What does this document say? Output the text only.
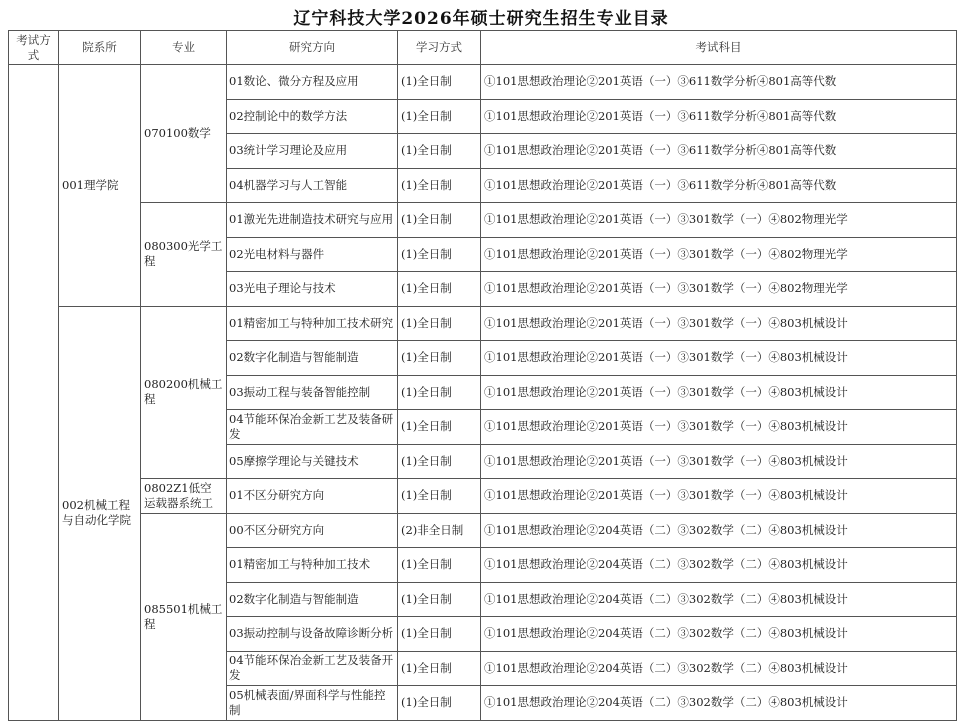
辽宁科技大学2026年硕士研究生招生专业目录
考试方式	院系所	专业	研究方向	学习方式	考试科目
	001理学院	070100数学	01数论、微分方程及应用	(1)全日制	①101思想政治理论②201英语（一）③611数学分析④801高等代数
			02控制论中的数学方法	(1)全日制	①101思想政治理论②201英语（一）③611数学分析④801高等代数
			03统计学习理论及应用	(1)全日制	①101思想政治理论②201英语（一）③611数学分析④801高等代数
			04机器学习与人工智能	(1)全日制	①101思想政治理论②201英语（一）③611数学分析④801高等代数
		080300光学工程	01激光先进制造技术研究与应用	(1)全日制	①101思想政治理论②201英语（一）③301数学（一）④802物理光学
			02光电材料与器件	(1)全日制	①101思想政治理论②201英语（一）③301数学（一）④802物理光学
			03光电子理论与技术	(1)全日制	①101思想政治理论②201英语（一）③301数学（一）④802物理光学
	002机械工程与自动化学院	080200机械工程	01精密加工与特种加工技术研究	(1)全日制	①101思想政治理论②201英语（一）③301数学（一）④803机械设计
			02数字化制造与智能制造	(1)全日制	①101思想政治理论②201英语（一）③301数学（一）④803机械设计
			03振动工程与装备智能控制	(1)全日制	①101思想政治理论②201英语（一）③301数学（一）④803机械设计
			04节能环保冶金新工艺及装备研发	(1)全日制	①101思想政治理论②201英语（一）③301数学（一）④803机械设计
			05摩擦学理论与关键技术	(1)全日制	①101思想政治理论②201英语（一）③301数学（一）④803机械设计
		0802Z1低空运载器系统工	01不区分研究方向	(1)全日制	①101思想政治理论②201英语（一）③301数学（一）④803机械设计
		085501机械工程	00不区分研究方向	(2)非全日制	①101思想政治理论②204英语（二）③302数学（二）④803机械设计
			01精密加工与特种加工技术	(1)全日制	①101思想政治理论②204英语（二）③302数学（二）④803机械设计
			02数字化制造与智能制造	(1)全日制	①101思想政治理论②204英语（二）③302数学（二）④803机械设计
			03振动控制与设备故障诊断分析	(1)全日制	①101思想政治理论②204英语（二）③302数学（二）④803机械设计
			04节能环保冶金新工艺及装备开发	(1)全日制	①101思想政治理论②204英语（二）③302数学（二）④803机械设计
			05机械表面/界面科学与性能控制	(1)全日制	①101思想政治理论②204英语（二）③302数学（二）④803机械设计
